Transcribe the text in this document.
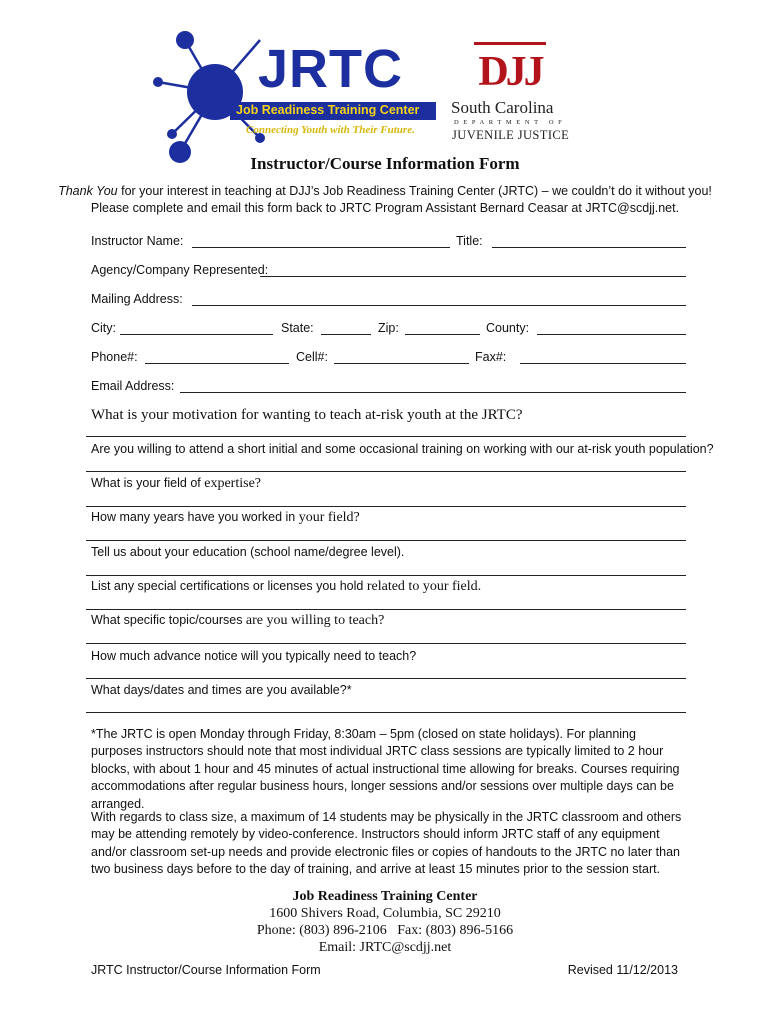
JRTC
Job Readiness Training Center
Connecting Youth with Their Future.
DJJ
South Carolina
DEPARTMENT OF
JUVENILE JUSTICE
Instructor/Course Information Form
Thank You for your interest in teaching at DJJ’s Job Readiness Training Center (JRTC) – we couldn’t do it without you!
Please complete and email this form back to JRTC Program Assistant Bernard Ceasar at JRTC@scdjj.net.
Instructor Name:	Title:
Agency/Company Represented:
Mailing Address:
City:	State:	Zip:	County:
Phone#:	Cell#:	Fax#:
Email Address:
What is your motivation for wanting to teach at-risk youth at the JRTC?
Are you willing to attend a short initial and some occasional training on working with our at-risk youth population?
What is your field of expertise?
How many years have you worked in your field?
Tell us about your education (school name/degree level).
List any special certifications or licenses you hold related to your field.
What specific topic/courses are you willing to teach?
How much advance notice will you typically need to teach?
What days/dates and times are you available?*
*The JRTC is open Monday through Friday, 8:30am – 5pm (closed on state holidays). For planning purposes instructors should note that most individual JRTC class sessions are typically limited to 2 hour blocks, with about 1 hour and 45 minutes of actual instructional time allowing for breaks. Courses requiring accommodations after regular business hours, longer sessions and/or sessions over multiple days can be arranged.
With regards to class size, a maximum of 14 students may be physically in the JRTC classroom and others may be attending remotely by video-conference. Instructors should inform JRTC staff of any equipment and/or classroom set-up needs and provide electronic files or copies of handouts to the JRTC no later than two business days before to the day of training, and arrive at least 15 minutes prior to the session start.
Job Readiness Training Center
1600 Shivers Road, Columbia, SC 29210
Phone: (803) 896-2106   Fax: (803) 896-5166
Email: JRTC@scdjj.net
JRTC Instructor/Course Information Form	Revised 11/12/2013
